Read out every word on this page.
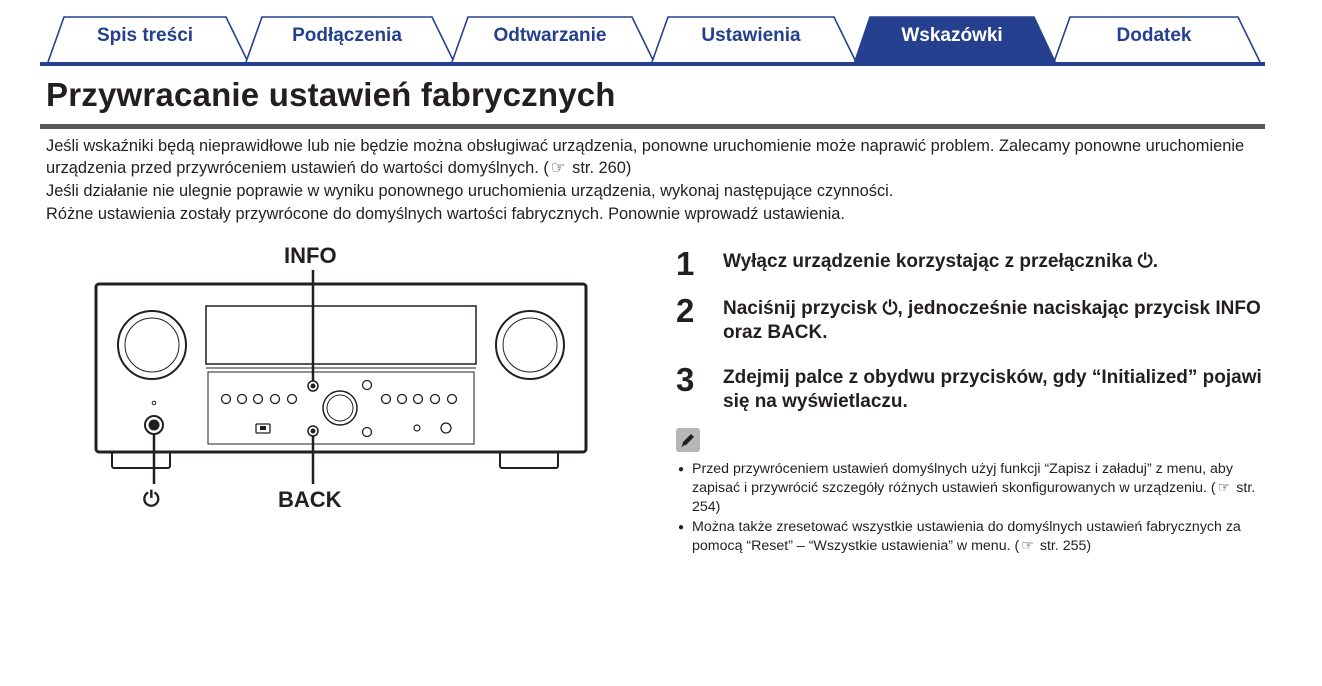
Spis treści	Podłączenia	Odtwarzanie	Ustawienia	Wskazówki	Dodatek
Przywracanie ustawień fabrycznych

Jeśli wskaźniki będą nieprawidłowe lub nie będzie można obsługiwać urządzenia, ponowne uruchomienie może naprawić problem. Zalecamy ponowne uruchomienie urządzenia przed przywróceniem ustawień do wartości domyślnych. ( ☞ str. 260)

Jeśli działanie nie ulegnie poprawie w wyniku ponownego uruchomienia urządzenia, wykonaj następujące czynności.

Różne ustawienia zostały przywrócone do domyślnych wartości fabrycznych. Ponownie wprowadź ustawienia.

INFO
BACK
⏻
1 Wyłącz urządzenie korzystając z przełącznika ⏻.
2 Naciśnij przycisk ⏻, jednocześnie naciskając przycisk INFO oraz BACK.
3 Zdejmij palce z obydwu przycisków, gdy “Initialized” pojawi się na wyświetlaczu.
● Przed przywróceniem ustawień domyślnych użyj funkcji “Zapisz i załaduj” z menu, aby zapisać i przywrócić szczegóły różnych ustawień skonfigurowanych w urządzeniu. ( ☞ str. 254)
● Można także zresetować wszystkie ustawienia do domyślnych ustawień fabrycznych za pomocą “Reset” – “Wszystkie ustawienia” w menu. ( ☞ str. 255)
